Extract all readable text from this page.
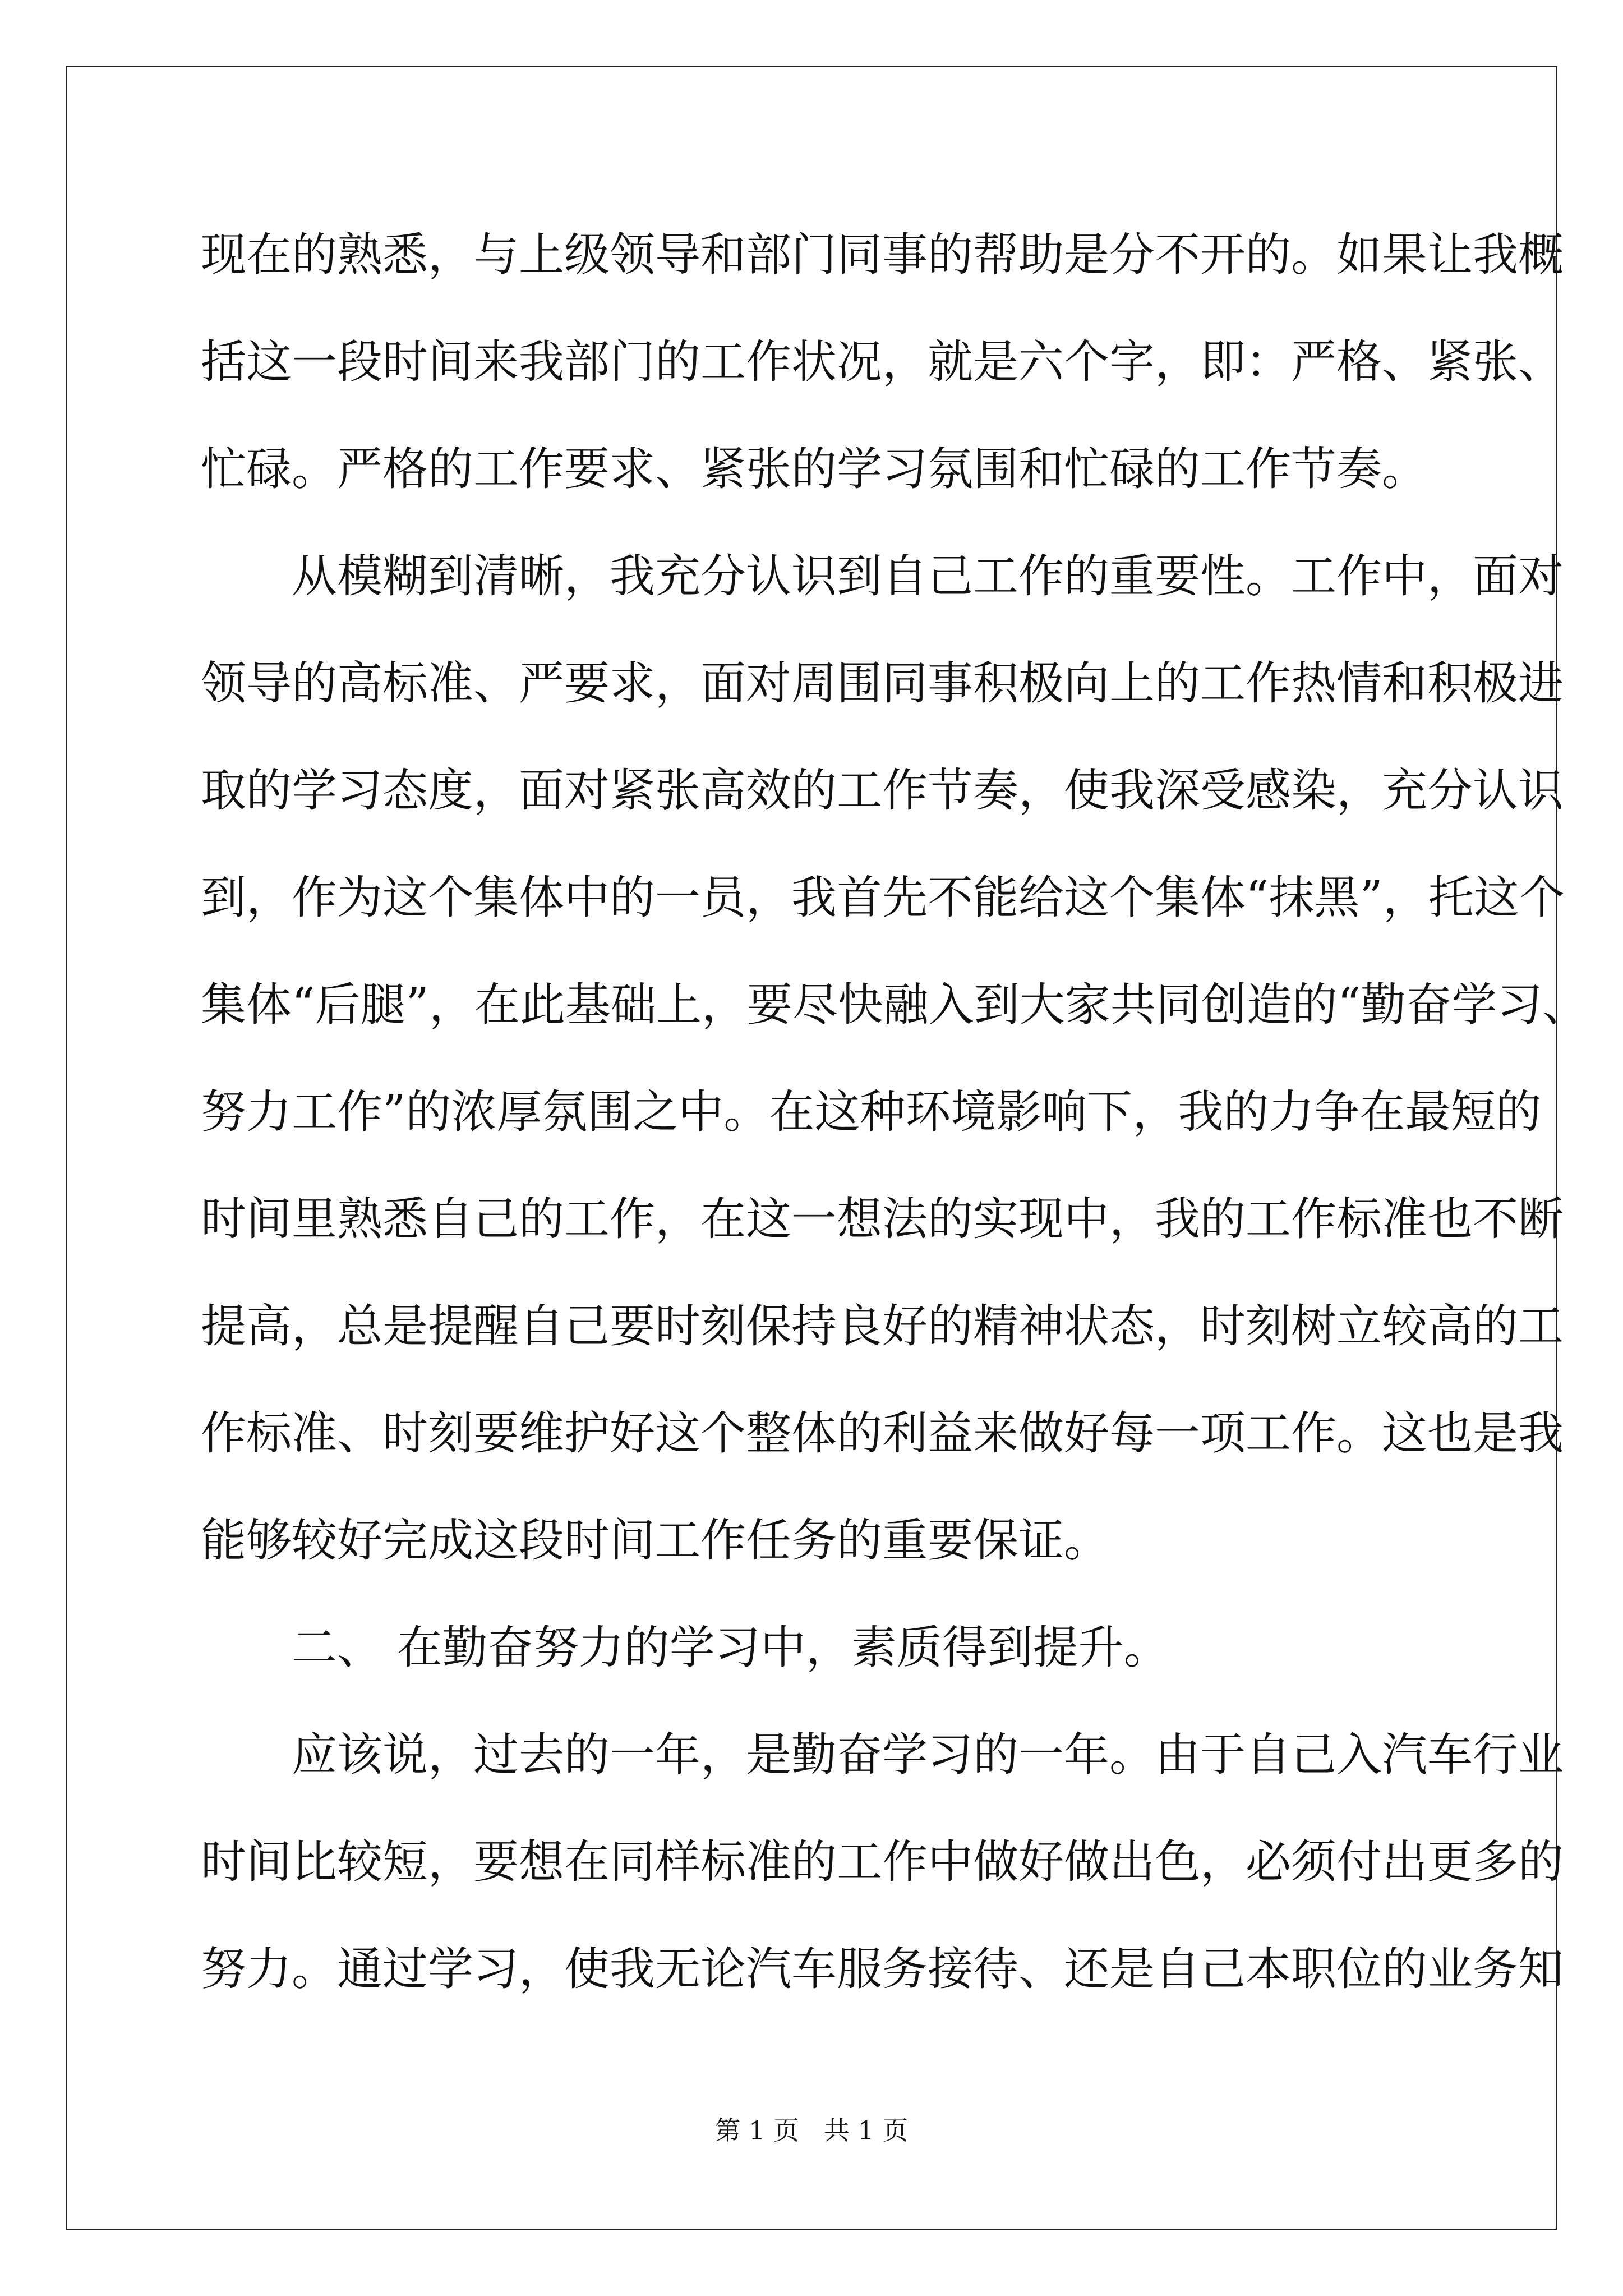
现在的熟悉，与上级领导和部门同事的帮助是分不开的。如果让我概
括这一段时间来我部门的工作状况，就是六个字，即：严格、紧张、
忙碌。严格的工作要求、紧张的学习氛围和忙碌的工作节奏。
从模糊到清晰，我充分认识到自己工作的重要性。工作中，面对
领导的高标准、严要求，面对周围同事积极向上的工作热情和积极进
取的学习态度，面对紧张高效的工作节奏，使我深受感染，充分认识
到，作为这个集体中的一员，我首先不能给这个集体“抹黑”，托这个
集体“后腿”，在此基础上，要尽快融入到大家共同创造的“勤奋学习、
努力工作”的浓厚氛围之中。在这种环境影响下，我的力争在最短的
时间里熟悉自己的工作，在这一想法的实现中，我的工作标准也不断
提高，总是提醒自己要时刻保持良好的精神状态，时刻树立较高的工
作标准、时刻要维护好这个整体的利益来做好每一项工作。这也是我
能够较好完成这段时间工作任务的重要保证。
二、 在勤奋努力的学习中，素质得到提升。
应该说，过去的一年，是勤奋学习的一年。由于自己入汽车行业
时间比较短，要想在同样标准的工作中做好做出色，必须付出更多的
努力。通过学习，使我无论汽车服务接待、还是自己本职位的业务知
第 1 页   共 1 页
